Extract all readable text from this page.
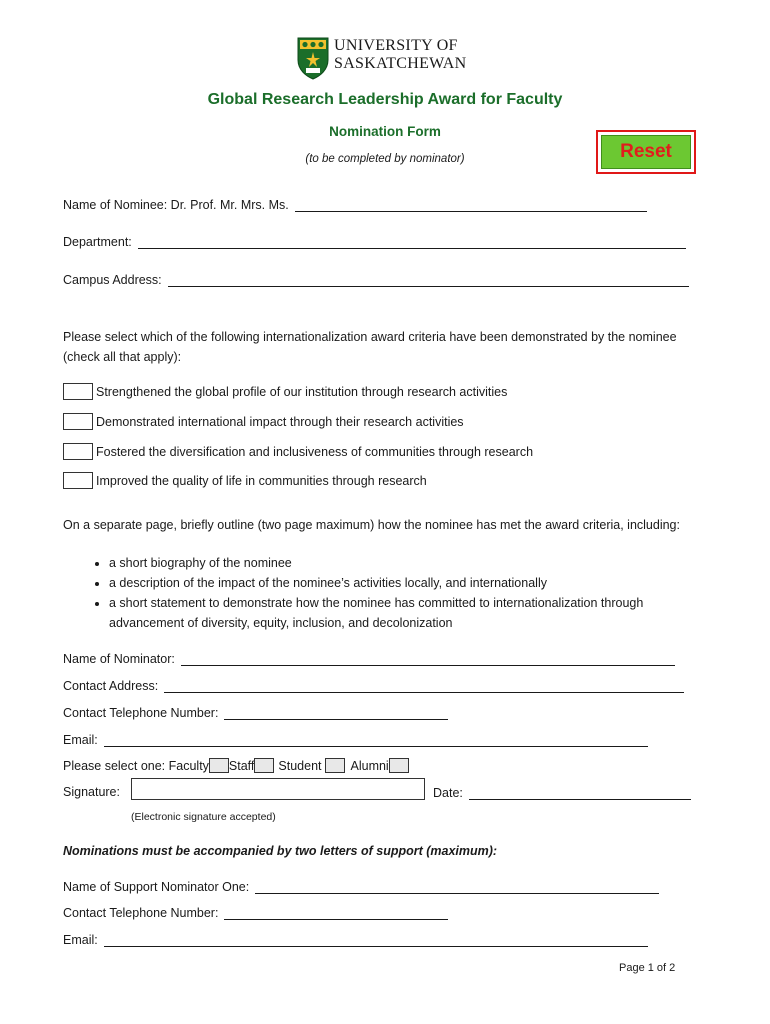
UNIVERSITY OF
SASKATCHEWAN
Global Research Leadership Award for Faculty
Nomination Form
(to be completed by nominator)	Reset
Name of Nominee: Dr. Prof. Mr. Mrs. Ms.
Department:
Campus Address:
Please select which of the following internationalization award criteria have been demonstrated by the nominee (check all that apply):
Strengthened the global profile of our institution through research activities
Demonstrated international impact through their research activities
Fostered the diversification and inclusiveness of communities through research
Improved the quality of life in communities through research
On a separate page, briefly outline (two page maximum) how the nominee has met the award criteria, including:
• a short biography of the nominee
• a description of the impact of the nominee’s activities locally, and internationally
• a short statement to demonstrate how the nominee has committed to internationalization through advancement of diversity, equity, inclusion, and decolonization
Name of Nominator:
Contact Address:
Contact Telephone Number:
Email:
Please select one: Faculty Staff Student Alumni
Signature:	Date:
(Electronic signature accepted)
Nominations must be accompanied by two letters of support (maximum):
Name of Support Nominator One:
Contact Telephone Number:
Email:
Page 1 of 2
